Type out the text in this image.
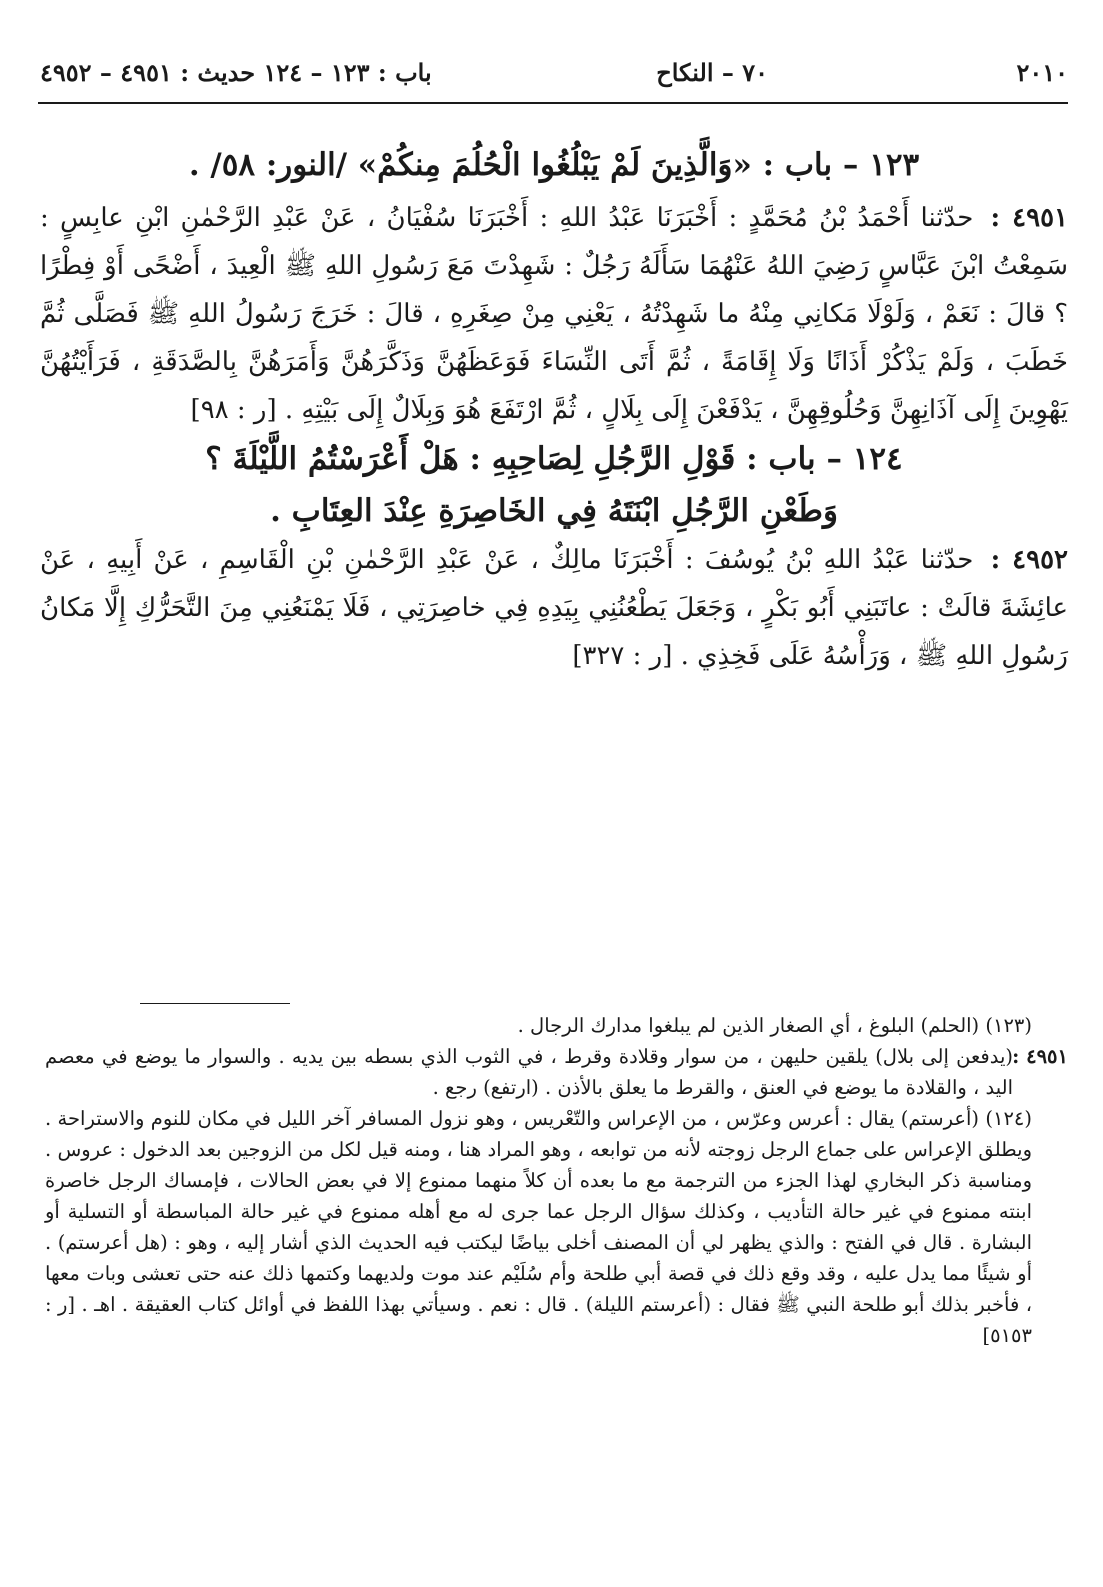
٢٠١٠
٧٠ – النكاح
باب : ١٢٣ – ١٢٤ حديث : ٤٩٥١ – ٤٩٥٢

١٢٣ – باب : «وَالَّذِينَ لَمْ يَبْلُغُوا الْحُلُمَ مِنكُمْ» /النور: ٥٨/ .

٤٩٥١ : حدّثنا أَحْمَدُ بْنُ مُحَمَّدٍ : أَخْبَرَنَا عَبْدُ اللهِ : أَخْبَرَنَا سُفْيَانُ ، عَنْ عَبْدِ الرَّحْمٰنِ ابْنِ عابِسٍ : سَمِعْتُ ابْنَ عَبَّاسٍ رَضِيَ اللهُ عَنْهُمَا سَأَلَهُ رَجُلٌ : شَهِدْتَ مَعَ رَسُولِ اللهِ ﷺ الْعِيدَ ، أَضْحًى أَوْ فِطْرًا ؟ قالَ : نَعَمْ ، وَلَوْلَا مَكانِي مِنْهُ ما شَهِدْتُهُ ، يَعْنِي مِنْ صِغَرِهِ ، قالَ : خَرَجَ رَسُولُ اللهِ ﷺ فَصَلَّى ثُمَّ خَطَبَ ، وَلَمْ يَذْكُرْ أَذَانًا وَلَا إِقَامَةً ، ثُمَّ أَتَى النِّسَاءَ فَوَعَظَهُنَّ وَذَكَّرَهُنَّ وَأَمَرَهُنَّ بِالصَّدَقَةِ ، فَرَأَيْتُهُنَّ يَهْوِينَ إِلَى آذَانِهِنَّ وَحُلُوقِهِنَّ ، يَدْفَعْنَ إِلَى بِلَالٍ ، ثُمَّ ارْتَفَعَ هُوَ وَبِلَالٌ إِلَى بَيْتِهِ . [ر : ٩٨]

١٢٤ – باب : قَوْلِ الرَّجُلِ لِصَاحِبِهِ : هَلْ أَعْرَسْتُمُ اللَّيْلَةَ ؟

وَطَعْنِ الرَّجُلِ ابْنَتَهُ فِي الخَاصِرَةِ عِنْدَ العِتَابِ .

٤٩٥٢ : حدّثنا عَبْدُ اللهِ بْنُ يُوسُفَ : أَخْبَرَنَا مالِكٌ ، عَنْ عَبْدِ الرَّحْمٰنِ بْنِ الْقَاسِمِ ، عَنْ أَبِيهِ ، عَنْ عائِشَةَ قالَتْ : عاتَبَنِي أَبُو بَكْرٍ ، وَجَعَلَ يَطْعُنُنِي بِيَدِهِ فِي خاصِرَتِي ، فَلَا يَمْنَعُنِي مِنَ التَّحَرُّكِ إِلَّا مَكانُ رَسُولِ اللهِ ﷺ ، وَرَأْسُهُ عَلَى فَخِذِي . [ر : ٣٢٧]

(١٢٣) (الحلم) البلوغ ، أي الصغار الذين لم يبلغوا مدارك الرجال .

٤٩٥١ :
(يدفعن إلى بلال) يلقين حليهن ، من سوار وقلادة وقرط ، في الثوب الذي بسطه بين يديه . والسوار ما يوضع في معصم اليد ، والقلادة ما يوضع في العنق ، والقرط ما يعلق بالأذن . (ارتفع) رجع .

(١٢٤) (أعرستم) يقال : أعرس وعرّس ، من الإعراس والتّعْريس ، وهو نزول المسافر آخر الليل في مكان للنوم والاستراحة . ويطلق الإعراس على جماع الرجل زوجته لأنه من توابعه ، وهو المراد هنا ، ومنه قيل لكل من الزوجين بعد الدخول : عروس . ومناسبة ذكر البخاري لهذا الجزء من الترجمة مع ما بعده أن كلاً منهما ممنوع إلا في بعض الحالات ، فإمساك الرجل خاصرة ابنته ممنوع في غير حالة التأديب ، وكذلك سؤال الرجل عما جرى له مع أهله ممنوع في غير حالة المباسطة أو التسلية أو البشارة . قال في الفتح : والذي يظهر لي أن المصنف أخلى بياضًا ليكتب فيه الحديث الذي أشار إليه ، وهو : (هل أعرستم) . أو شيئًا مما يدل عليه ، وقد وقع ذلك في قصة أبي طلحة وأم سُلَيْم عند موت ولديهما وكتمها ذلك عنه حتى تعشى وبات معها ، فأخبر بذلك أبو طلحة النبي ﷺ فقال : (أعرستم الليلة) . قال : نعم . وسيأتي بهذا اللفظ في أوائل كتاب العقيقة . اهـ . [ر : ٥١٥٣]
